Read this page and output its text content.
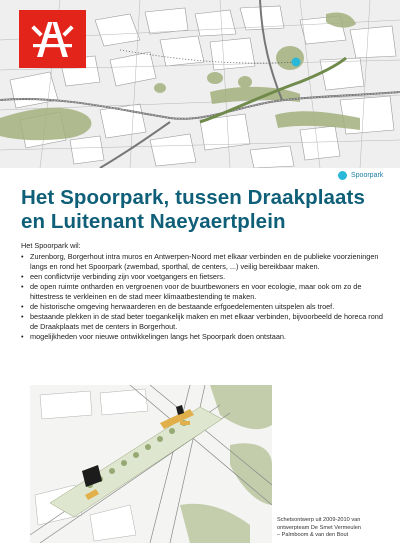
Spoorpark
Het Spoorpark, tussen Draakplaats
en Luitenant Naeyaertplein

Het Spoorpark wil:

• Zurenborg, Borgerhout intra muros en Antwerpen-Noord met elkaar verbinden en de publieke voorzieningen langs en rond het Spoorpark (zwembad, sporthal, de centers, ...) veilig bereikbaar maken.
• een conflictvrije verbinding zijn voor voetgangers en fietsers.
• de open ruimte ontharden en vergroenen voor de buurtbewoners en voor ecologie, maar ook om zo de hittestress te verkleinen en de stad meer klimaatbestending te maken.
• de historische omgeving herwaarderen en de bestaande erfgoedelementen uitspelen als troef.
• bestaande plekken in de stad beter toegankelijk maken en met elkaar verbinden, bijvoorbeeld de horeca rond de Draakplaats met de centers in Borgerhout.
• mogelijkheden voor nieuwe ontwikkelingen langs het Spoorpark doen ontstaan.
Schetsontwerp uit 2009-2010 van
ontwerpteam De Smet Vermeulen
– Palmboom & van den Bout
